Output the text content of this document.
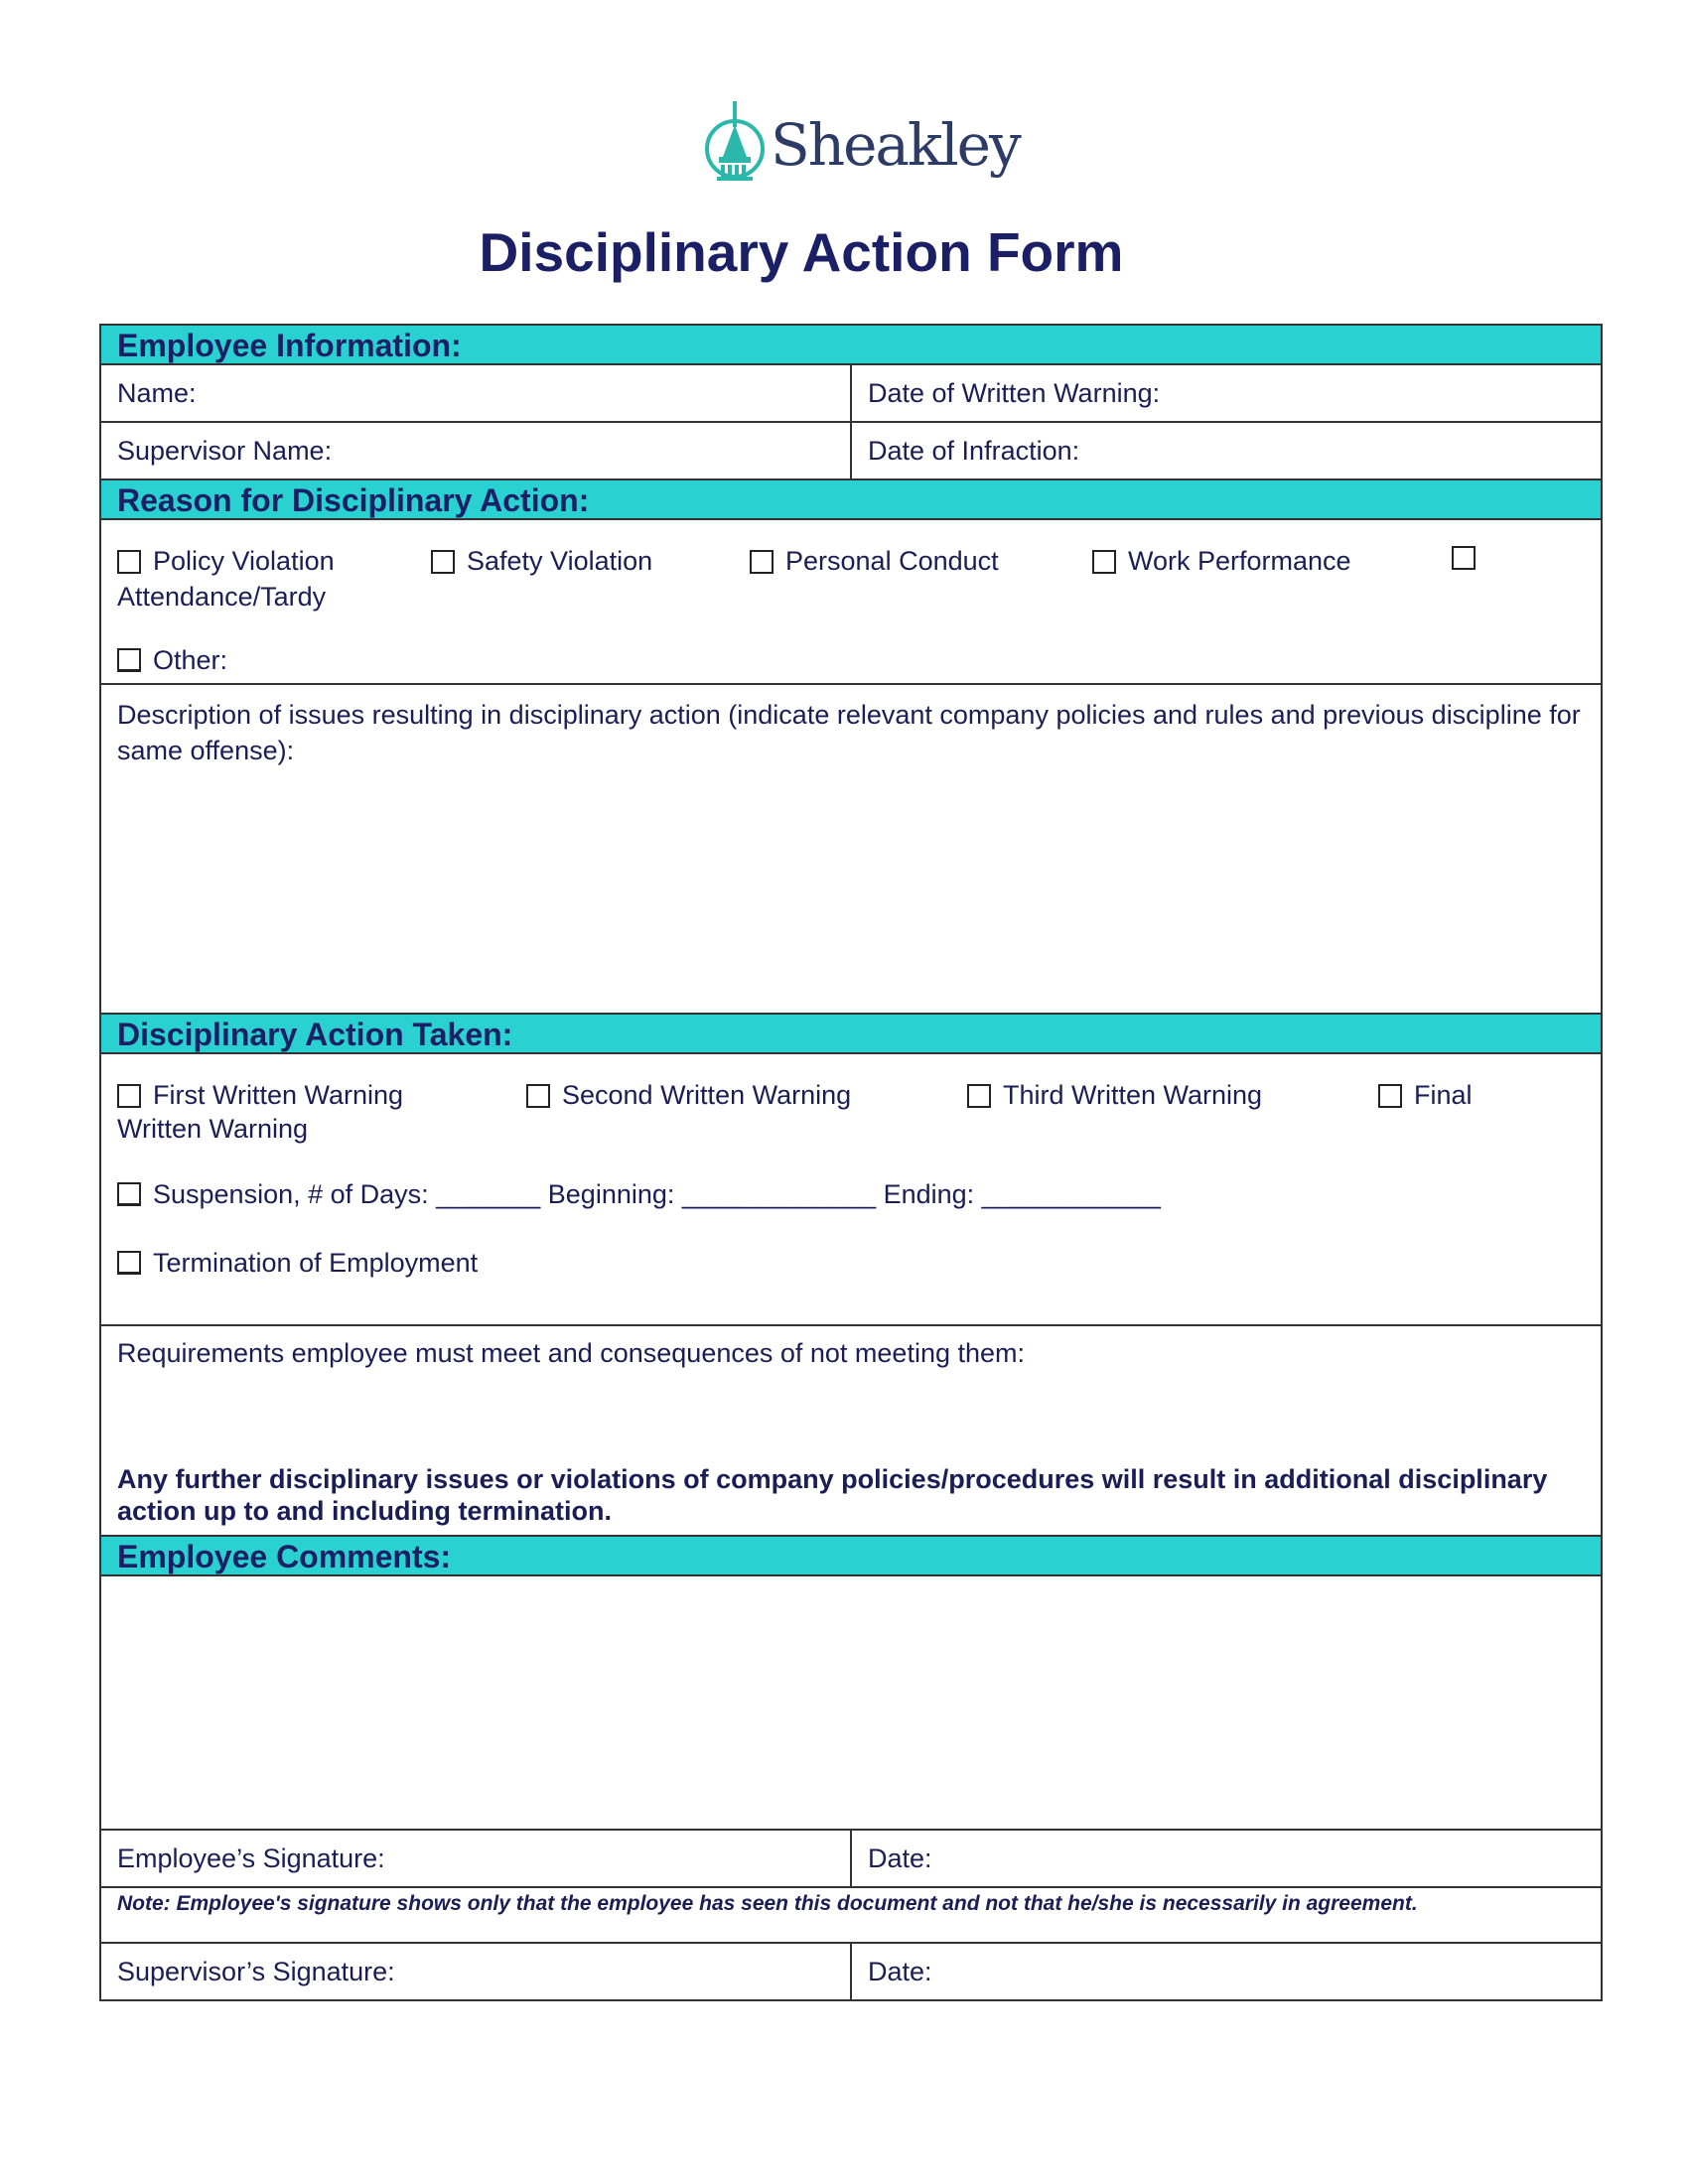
Sheakley
Disciplinary Action Form
Employee Information:
Name:	Date of Written Warning:
Supervisor Name:	Date of Infraction:
Reason for Disciplinary Action:
Policy Violation	Safety Violation	Personal Conduct	Work Performance
Attendance/Tardy
Other:
Description of issues resulting in disciplinary action (indicate relevant company policies and rules and previous discipline for same offense):
Disciplinary Action Taken:
First Written Warning	Second Written Warning	Third Written Warning	Final
Written Warning
Suspension, # of Days: _______ Beginning: _____________ Ending: ____________
Termination of Employment
Requirements employee must meet and consequences of not meeting them:
Any further disciplinary issues or violations of company policies/procedures will result in additional disciplinary action up to and including termination.
Employee Comments:
Employee’s Signature:	Date:
Note: Employee's signature shows only that the employee has seen this document and not that he/she is necessarily in agreement.
Supervisor’s Signature:	Date:
